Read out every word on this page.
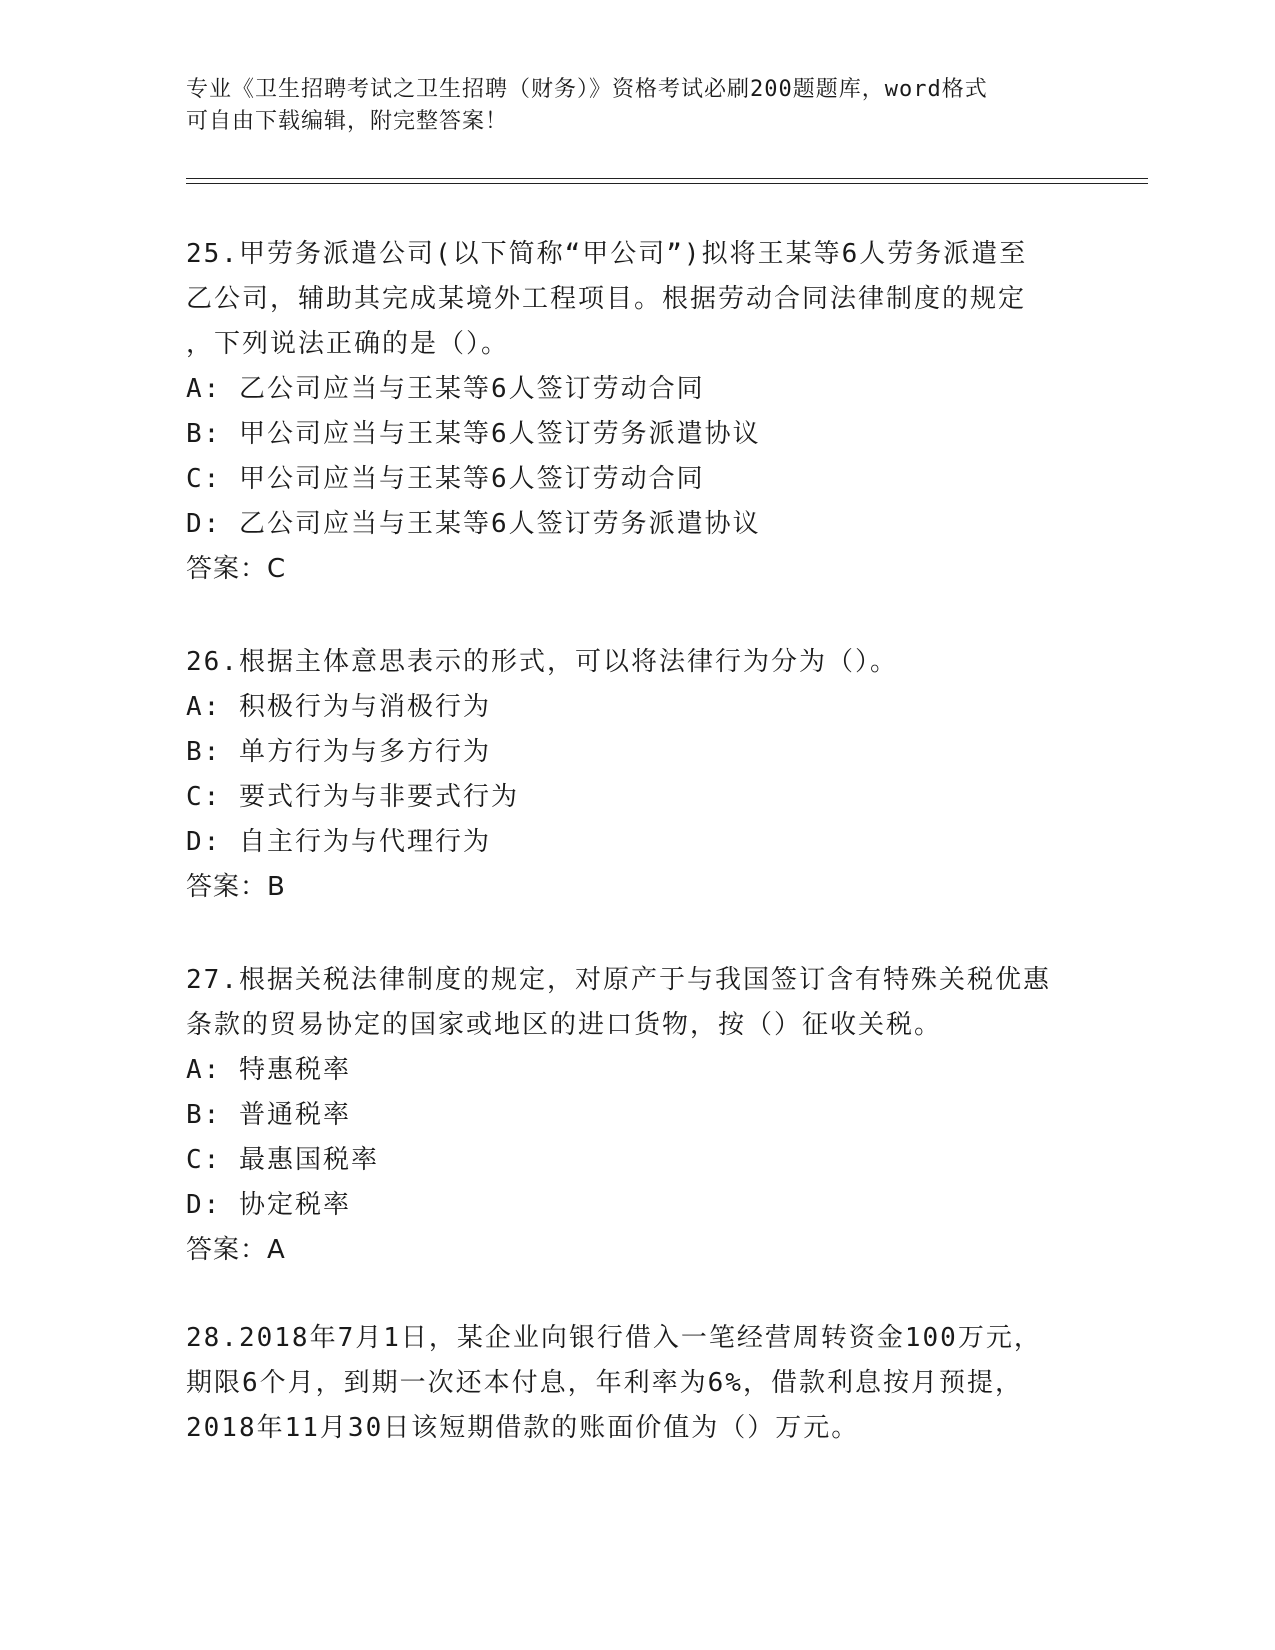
专业《卫生招聘考试之卫生招聘（财务）》资格考试必刷200题题库，word格式
可自由下载编辑，附完整答案！
25.甲劳务派遣公司(以下简称“甲公司”)拟将王某等6人劳务派遣至
乙公司，辅助其完成某境外工程项目。根据劳动合同法律制度的规定
，下列说法正确的是（）。
A: 乙公司应当与王某等6人签订劳动合同
B: 甲公司应当与王某等6人签订劳务派遣协议
C: 甲公司应当与王某等6人签订劳动合同
D: 乙公司应当与王某等6人签订劳务派遣协议
答案：C
26.根据主体意思表示的形式，可以将法律行为分为（）。
A: 积极行为与消极行为
B: 单方行为与多方行为
C: 要式行为与非要式行为
D: 自主行为与代理行为
答案：B
27.根据关税法律制度的规定，对原产于与我国签订含有特殊关税优惠
条款的贸易协定的国家或地区的进口货物，按（）征收关税。
A: 特惠税率
B: 普通税率
C: 最惠国税率
D: 协定税率
答案：A
28.2018年7月1日，某企业向银行借入一笔经营周转资金100万元，
期限6个月，到期一次还本付息，年利率为6%，借款利息按月预提，
2018年11月30日该短期借款的账面价值为（）万元。
